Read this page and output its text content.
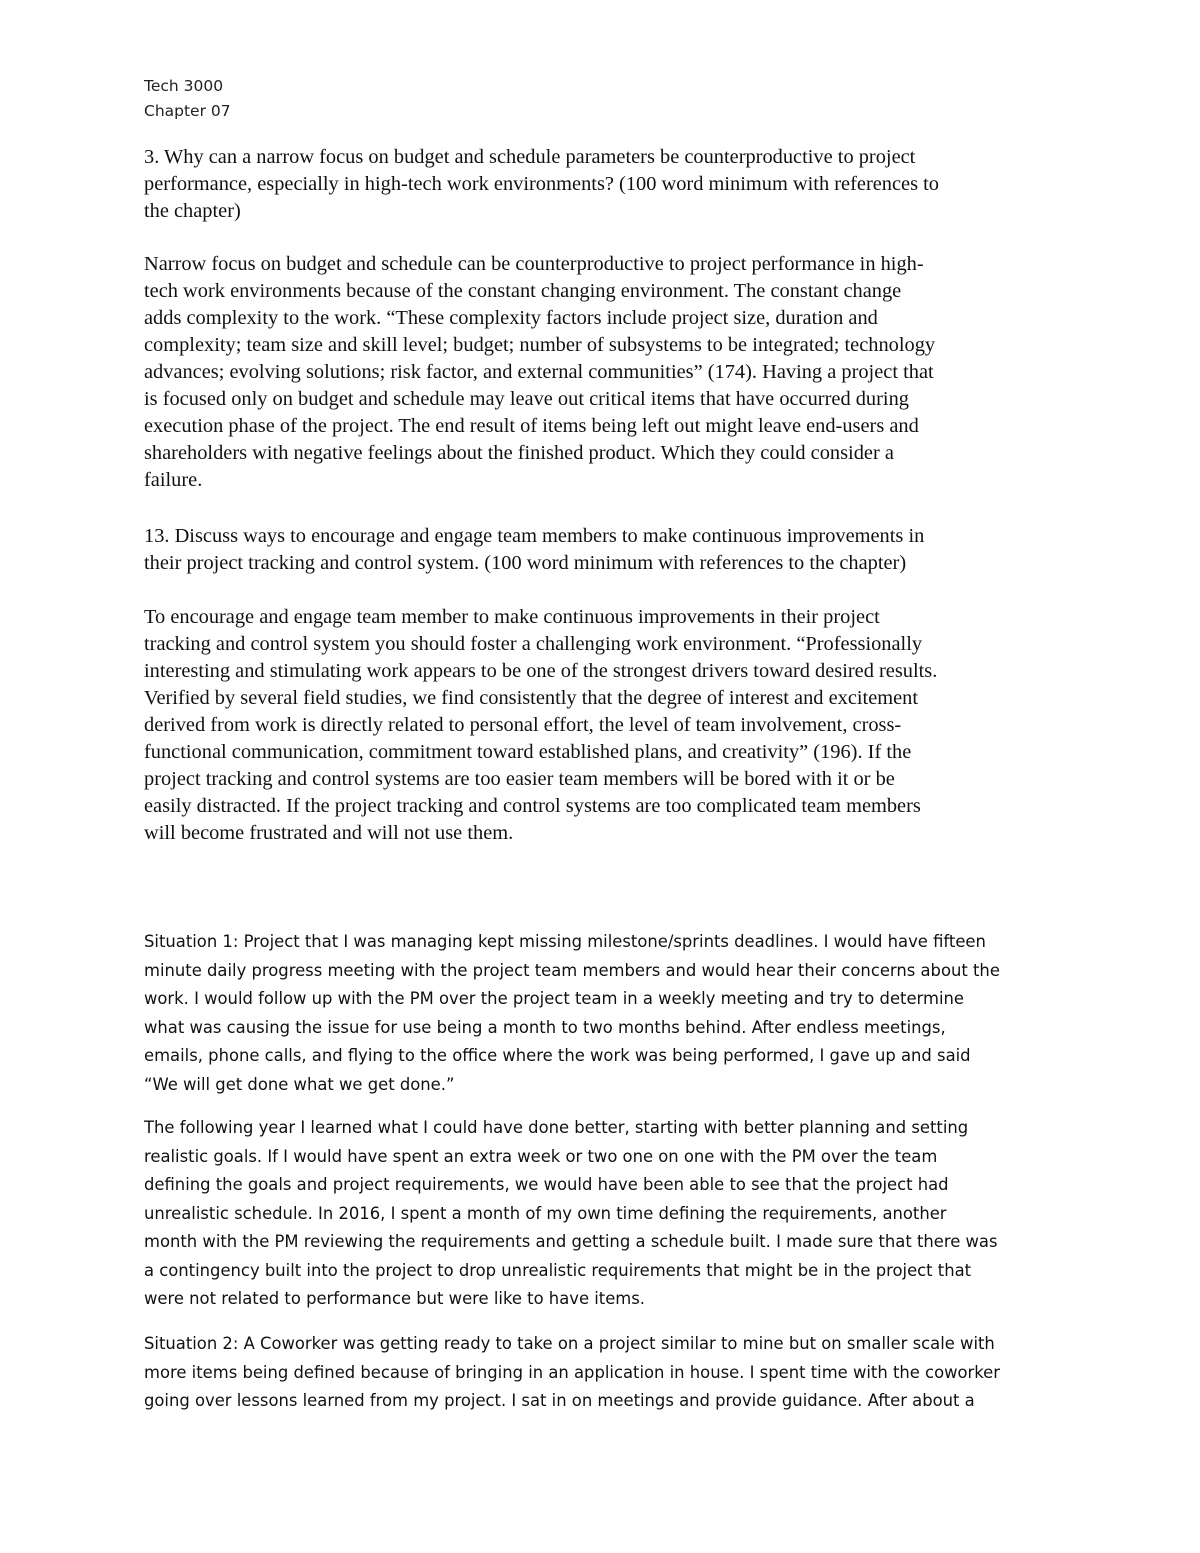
Tech 3000
Chapter 07

3. Why can a narrow focus on budget and schedule parameters be counterproductive to project
performance, especially in high-tech work environments? (100 word minimum with references to
the chapter)

Narrow focus on budget and schedule can be counterproductive to project performance in high-
tech work environments because of the constant changing environment. The constant change
adds complexity to the work. “These complexity factors include project size, duration and
complexity; team size and skill level; budget; number of subsystems to be integrated; technology
advances; evolving solutions; risk factor, and external communities” (174). Having a project that
is focused only on budget and schedule may leave out critical items that have occurred during
execution phase of the project. The end result of items being left out might leave end-users and
shareholders with negative feelings about the finished product. Which they could consider a
failure.

13. Discuss ways to encourage and engage team members to make continuous improvements in
their project tracking and control system. (100 word minimum with references to the chapter)

To encourage and engage team member to make continuous improvements in their project
tracking and control system you should foster a challenging work environment. “Professionally
interesting and stimulating work appears to be one of the strongest drivers toward desired results.
Verified by several field studies, we find consistently that the degree of interest and excitement
derived from work is directly related to personal effort, the level of team involvement, cross-
functional communication, commitment toward established plans, and creativity” (196). If the
project tracking and control systems are too easier team members will be bored with it or be
easily distracted. If the project tracking and control systems are too complicated team members
will become frustrated and will not use them.

Situation 1: Project that I was managing kept missing milestone/sprints deadlines. I would have fifteen
minute daily progress meeting with the project team members and would hear their concerns about the
work. I would follow up with the PM over the project team in a weekly meeting and try to determine
what was causing the issue for use being a month to two months behind. After endless meetings,
emails, phone calls, and flying to the office where the work was being performed, I gave up and said
“We will get done what we get done.”

The following year I learned what I could have done better, starting with better planning and setting
realistic goals. If I would have spent an extra week or two one on one with the PM over the team
defining the goals and project requirements, we would have been able to see that the project had
unrealistic schedule. In 2016, I spent a month of my own time defining the requirements, another
month with the PM reviewing the requirements and getting a schedule built. I made sure that there was
a contingency built into the project to drop unrealistic requirements that might be in the project that
were not related to performance but were like to have items.

Situation 2: A Coworker was getting ready to take on a project similar to mine but on smaller scale with
more items being defined because of bringing in an application in house. I spent time with the coworker
going over lessons learned from my project. I sat in on meetings and provide guidance. After about a
